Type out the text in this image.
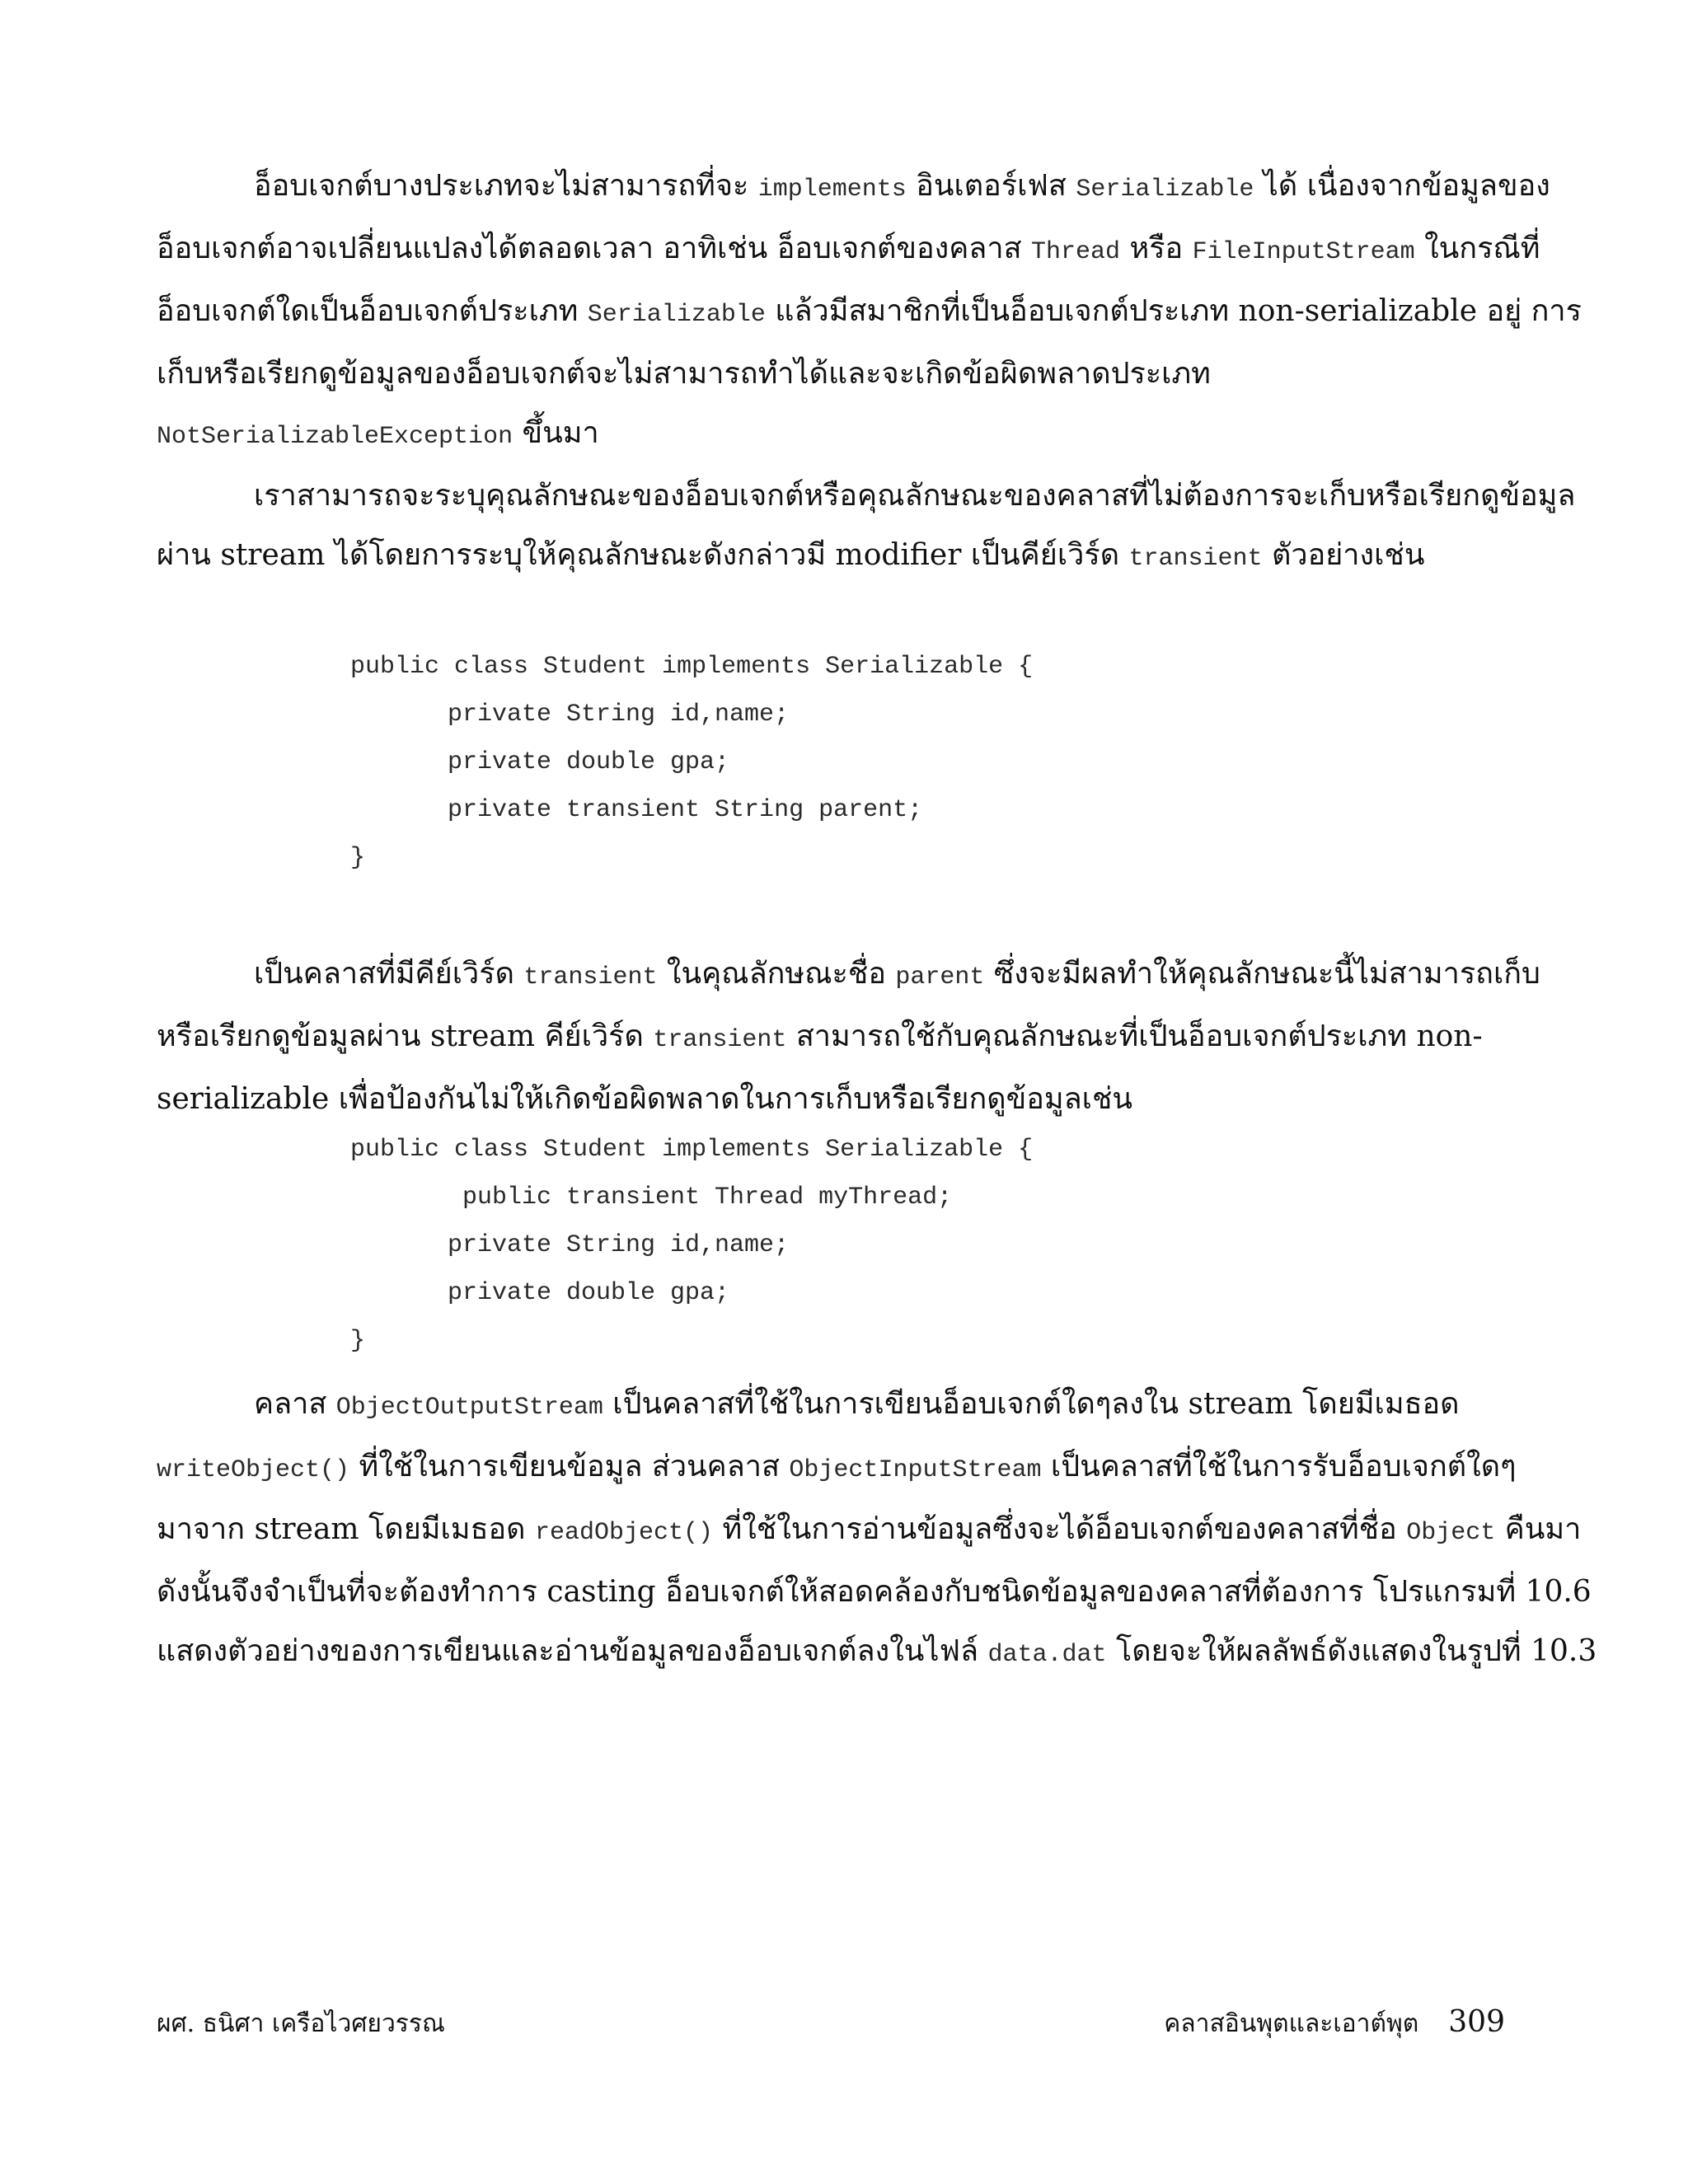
อ็อบเจกต์บางประเภทจะไม่สามารถที่จะ implements อินเตอร์เฟส Serializable ได้ เนื่องจากข้อมูลของ
อ็อบเจกต์อาจเปลี่ยนแปลงได้ตลอดเวลา อาทิเช่น อ็อบเจกต์ของคลาส Thread หรือ FileInputStream ในกรณีที่
อ็อบเจกต์ใดเป็นอ็อบเจกต์ประเภท Serializable แล้วมีสมาชิกที่เป็นอ็อบเจกต์ประเภท non-serializable อยู่ การ
เก็บหรือเรียกดูข้อมูลของอ็อบเจกต์จะไม่สามารถทำได้และจะเกิดข้อผิดพลาดประเภท
NotSerializableException ขึ้นมา
เราสามารถจะระบุคุณลักษณะของอ็อบเจกต์หรือคุณลักษณะของคลาสที่ไม่ต้องการจะเก็บหรือเรียกดูข้อมูล
ผ่าน stream ได้โดยการระบุให้คุณลักษณะดังกล่าวมี modifier เป็นคีย์เวิร์ด transient ตัวอย่างเช่น
public class Student implements Serializable {
private String id,name;
private double gpa;
private transient String parent;
}
เป็นคลาสที่มีคีย์เวิร์ด transient ในคุณลักษณะชื่อ parent ซึ่งจะมีผลทำให้คุณลักษณะนี้ไม่สามารถเก็บ
หรือเรียกดูข้อมูลผ่าน stream คีย์เวิร์ด transient สามารถใช้กับคุณลักษณะที่เป็นอ็อบเจกต์ประเภท non-
serializable เพื่อป้องกันไม่ให้เกิดข้อผิดพลาดในการเก็บหรือเรียกดูข้อมูลเช่น
public class Student implements Serializable {
public transient Thread myThread;
private String id,name;
private double gpa;
}
คลาส ObjectOutputStream เป็นคลาสที่ใช้ในการเขียนอ็อบเจกต์ใดๆลงใน stream โดยมีเมธอด
writeObject() ที่ใช้ในการเขียนข้อมูล ส่วนคลาส ObjectInputStream เป็นคลาสที่ใช้ในการรับอ็อบเจกต์ใดๆ
มาจาก stream โดยมีเมธอด readObject() ที่ใช้ในการอ่านข้อมูลซึ่งจะได้อ็อบเจกต์ของคลาสที่ชื่อ Object คืนมา
ดังนั้นจึงจำเป็นที่จะต้องทำการ casting อ็อบเจกต์ให้สอดคล้องกับชนิดข้อมูลของคลาสที่ต้องการ โปรแกรมที่ 10.6
แสดงตัวอย่างของการเขียนและอ่านข้อมูลของอ็อบเจกต์ลงในไฟล์ data.dat โดยจะให้ผลลัพธ์ดังแสดงในรูปที่ 10.3
ผศ. ธนิศา เครือไวศยวรรณ	คลาสอินพุตและเอาต์พุต 309
